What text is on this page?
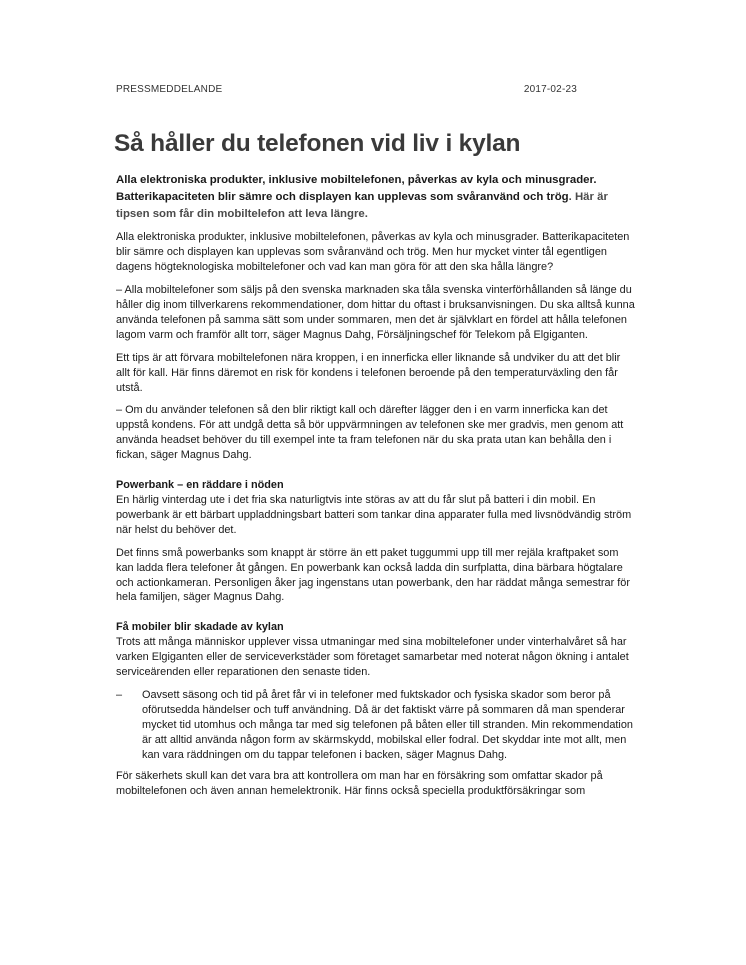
PRESSMEDDELANDE	2017-02-23
Så håller du telefonen vid liv i kylan

Alla elektroniska produkter, inklusive mobiltelefonen, påverkas av kyla och minusgrader. Batterikapaciteten blir sämre och displayen kan upplevas som svåranvänd och trög. Här är tipsen som får din mobiltelefon att leva längre.

Alla elektroniska produkter, inklusive mobiltelefonen, påverkas av kyla och minusgrader. Batterikapaciteten blir sämre och displayen kan upplevas som svåranvänd och trög. Men hur mycket vinter tål egentligen dagens högteknologiska mobiltelefoner och vad kan man göra för att den ska hålla längre?

– Alla mobiltelefoner som säljs på den svenska marknaden ska tåla svenska vinterförhållanden så länge du håller dig inom tillverkarens rekommendationer, dom hittar du oftast i bruksanvisningen. Du ska alltså kunna använda telefonen på samma sätt som under sommaren, men det är självklart en fördel att hålla telefonen lagom varm och framför allt torr, säger Magnus Dahg, Försäljningschef för Telekom på Elgiganten.

Ett tips är att förvara mobiltelefonen nära kroppen, i en innerficka eller liknande så undviker du att det blir allt för kall. Här finns däremot en risk för kondens i telefonen beroende på den temperaturväxling den får utstå.

– Om du använder telefonen så den blir riktigt kall och därefter lägger den i en varm innerficka kan det uppstå kondens. För att undgå detta så bör uppvärmningen av telefonen ske mer gradvis, men genom att använda headset behöver du till exempel inte ta fram telefonen när du ska prata utan kan behålla den i fickan, säger Magnus Dahg.

Powerbank – en räddare i nöden
En härlig vinterdag ute i det fria ska naturligtvis inte störas av att du får slut på batteri i din mobil. En powerbank är ett bärbart uppladdningsbart batteri som tankar dina apparater fulla med livsnödvändig ström när helst du behöver det.

Det finns små powerbanks som knappt är större än ett paket tuggummi upp till mer rejäla kraftpaket som kan ladda flera telefoner åt gången. En powerbank kan också ladda din surfplatta, dina bärbara högtalare och actionkameran. Personligen åker jag ingenstans utan powerbank, den har räddat många semestrar för hela familjen, säger Magnus Dahg.

Få mobiler blir skadade av kylan
Trots att många människor upplever vissa utmaningar med sina mobiltelefoner under vinterhalvåret så har varken Elgiganten eller de serviceverkstäder som företaget samarbetar med noterat någon ökning i antalet serviceärenden eller reparationen den senaste tiden.

– Oavsett säsong och tid på året får vi in telefoner med fuktskador och fysiska skador som beror på oförutsedda händelser och tuff användning. Då är det faktiskt värre på sommaren då man spenderar mycket tid utomhus och många tar med sig telefonen på båten eller till stranden. Min rekommendation är att alltid använda någon form av skärmskydd, mobilskal eller fodral. Det skyddar inte mot allt, men kan vara räddningen om du tappar telefonen i backen, säger Magnus Dahg.

För säkerhets skull kan det vara bra att kontrollera om man har en försäkring som omfattar skador på mobiltelefonen och även annan hemelektronik. Här finns också speciella produktförsäkringar som
